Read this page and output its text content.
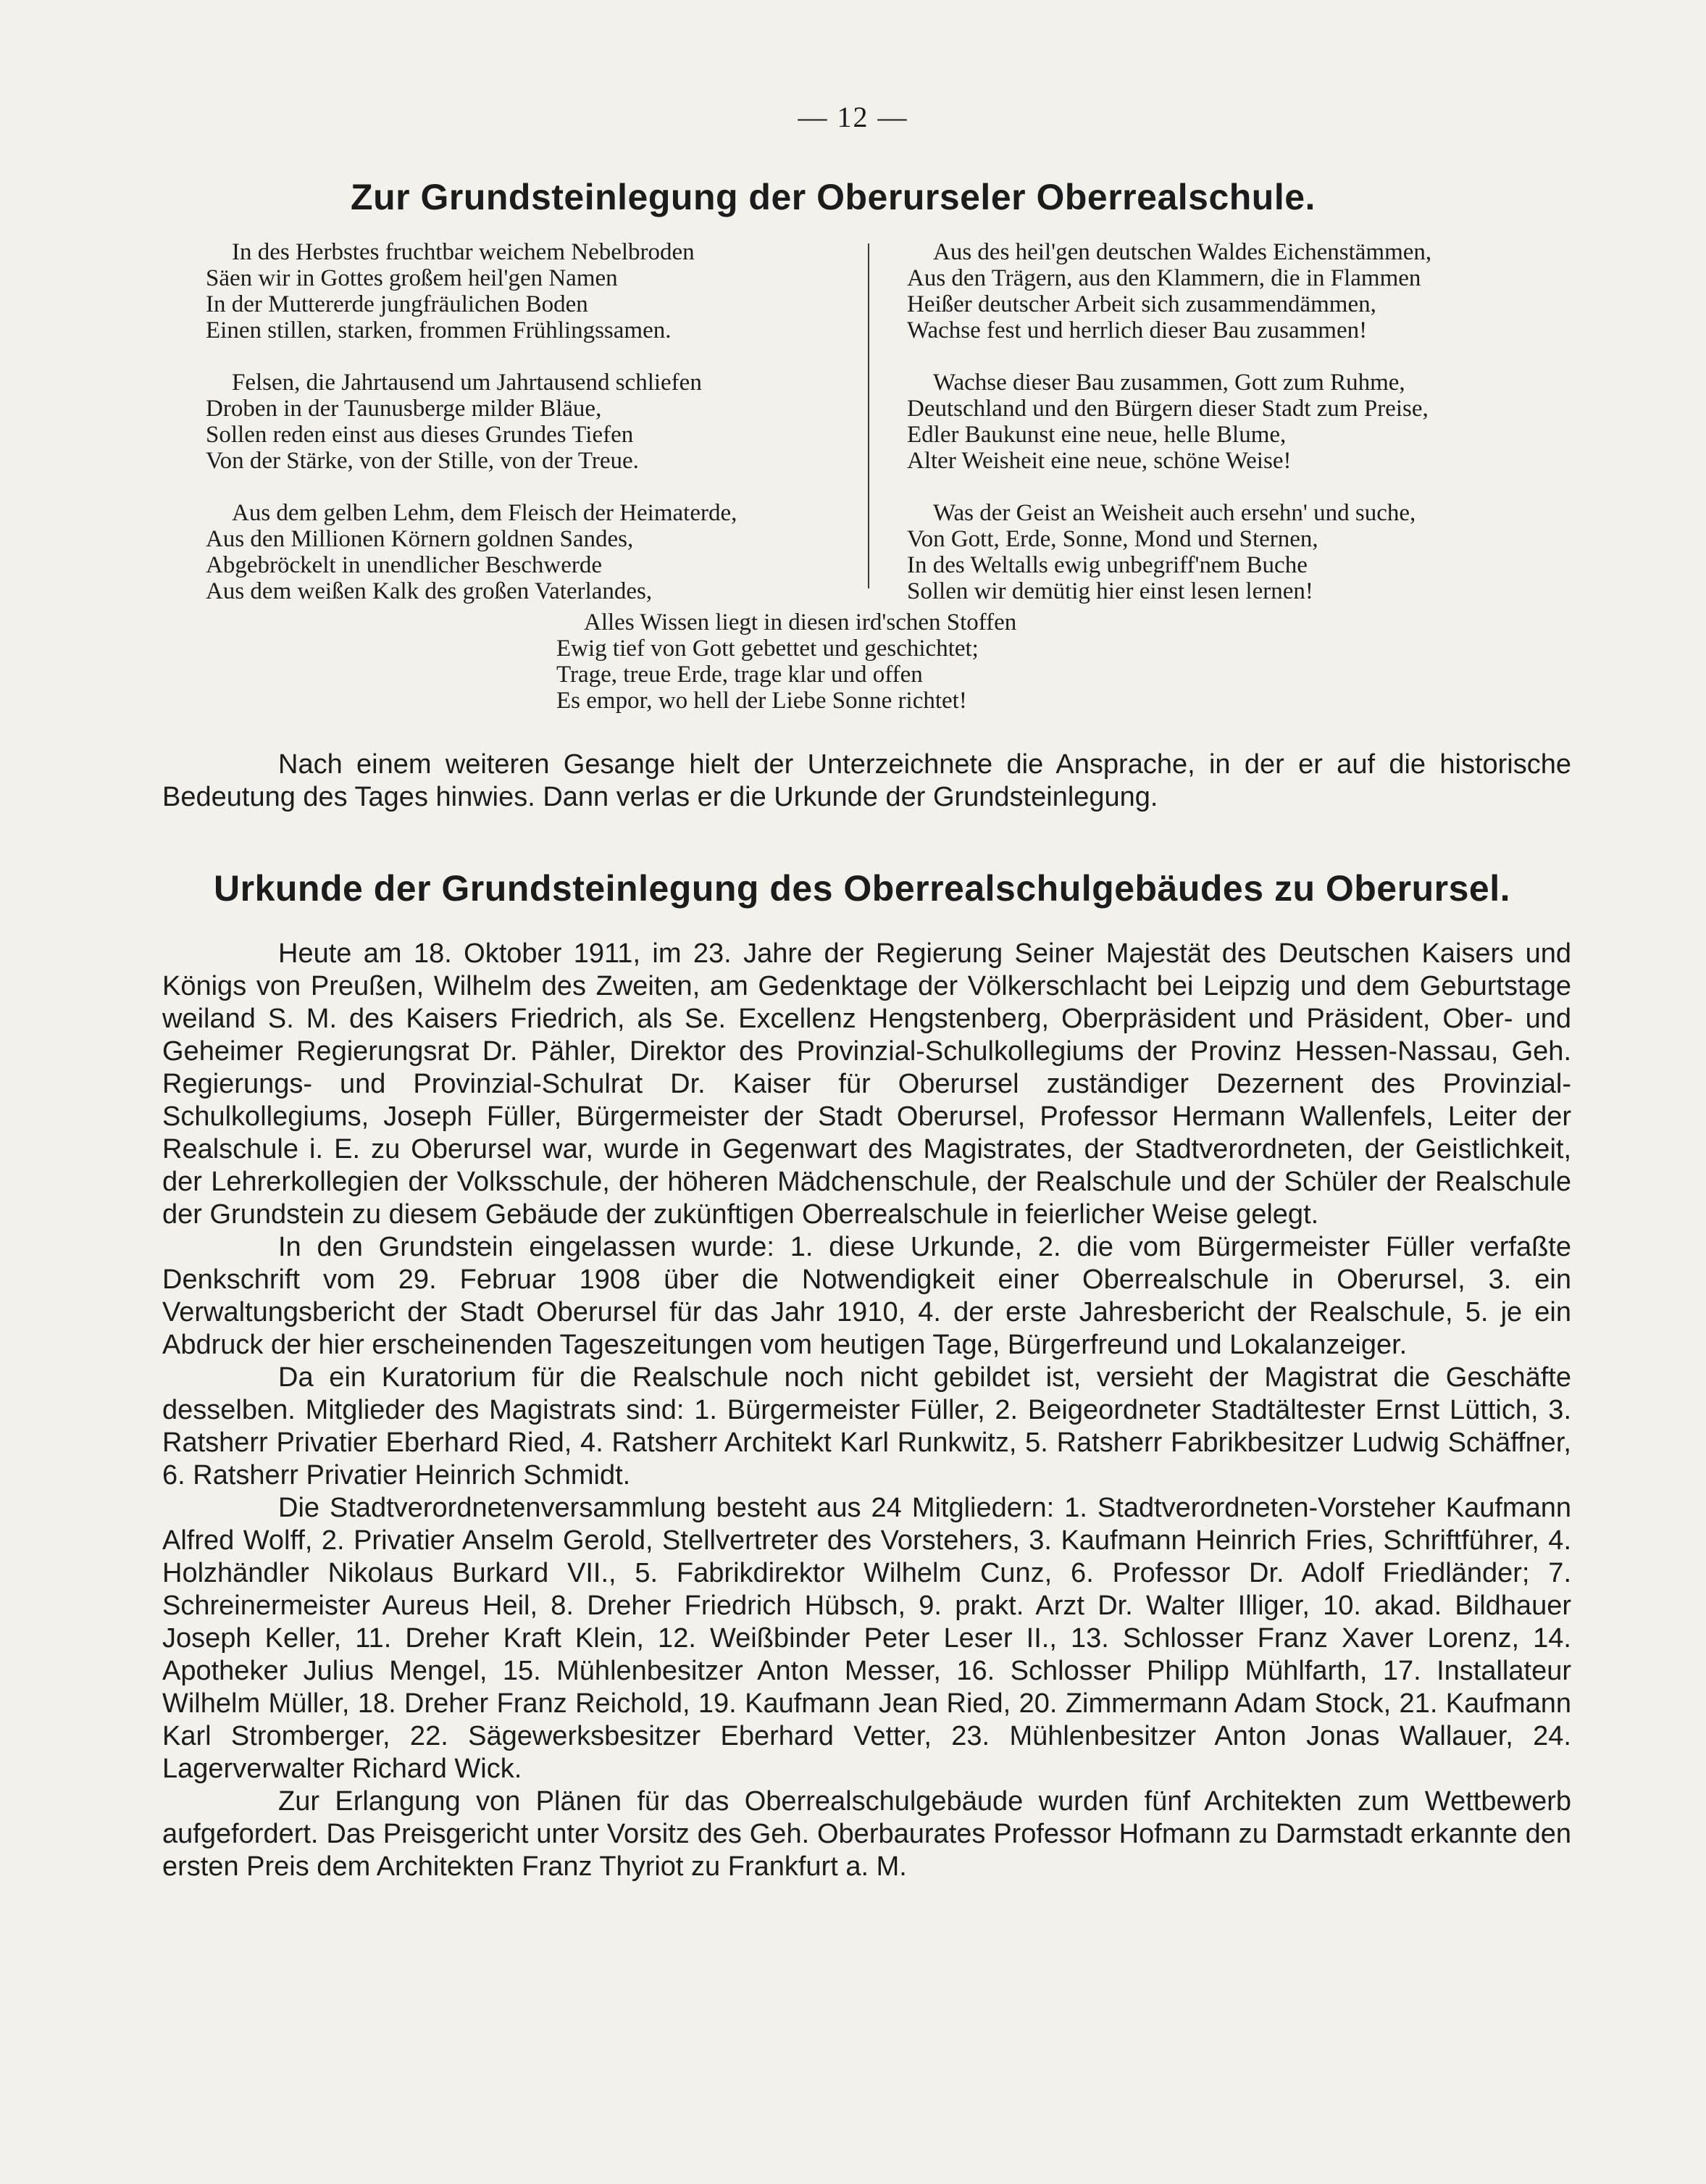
— 12 —
Zur Grundsteinlegung der Oberurseler Oberrealschule.
In des Herbstes fruchtbar weichem Nebelbroden
Säen wir in Gottes großem heil'gen Namen
In der Muttererde jungfräulichen Boden
Einen stillen, starken, frommen Frühlingssamen.
Felsen, die Jahrtausend um Jahrtausend schliefen
Droben in der Taunusberge milder Bläue,
Sollen reden einst aus dieses Grundes Tiefen
Von der Stärke, von der Stille, von der Treue.
Aus dem gelben Lehm, dem Fleisch der Heimaterde,
Aus den Millionen Körnern goldnen Sandes,
Abgebröckelt in unendlicher Beschwerde
Aus dem weißen Kalk des großen Vaterlandes,
Aus des heil'gen deutschen Waldes Eichenstämmen,
Aus den Trägern, aus den Klammern, die in Flammen
Heißer deutscher Arbeit sich zusammendämmen,
Wachse fest und herrlich dieser Bau zusammen!
Wachse dieser Bau zusammen, Gott zum Ruhme,
Deutschland und den Bürgern dieser Stadt zum Preise,
Edler Baukunst eine neue, helle Blume,
Alter Weisheit eine neue, schöne Weise!
Was der Geist an Weisheit auch ersehn' und suche,
Von Gott, Erde, Sonne, Mond und Sternen,
In des Weltalls ewig unbegriff'nem Buche
Sollen wir demütig hier einst lesen lernen!
Alles Wissen liegt in diesen ird'schen Stoffen
Ewig tief von Gott gebettet und geschichtet;
Trage, treue Erde, trage klar und offen
Es empor, wo hell der Liebe Sonne richtet!

Nach einem weiteren Gesange hielt der Unterzeichnete die Ansprache, in der er auf die historische Bedeutung des Tages hinwies. Dann verlas er die Urkunde der Grundsteinlegung.

Urkunde der Grundsteinlegung des Oberrealschulgebäudes zu Oberursel.

Heute am 18. Oktober 1911, im 23. Jahre der Regierung Seiner Majestät des Deutschen Kaisers und Königs von Preußen, Wilhelm des Zweiten, am Gedenktage der Völkerschlacht bei Leipzig und dem Geburtstage weiland S. M. des Kaisers Friedrich, als Se. Excellenz Hengstenberg, Oberpräsident und Präsident, Ober- und Geheimer Regierungsrat Dr. Pähler, Direktor des Provinzial-Schulkollegiums der Provinz Hessen-Nassau, Geh. Regierungs- und Provinzial-Schulrat Dr. Kaiser für Oberursel zuständiger Dezernent des Provinzial-Schulkollegiums, Joseph Füller, Bürgermeister der Stadt Oberursel, Professor Hermann Wallenfels, Leiter der Realschule i. E. zu Oberursel war, wurde in Gegenwart des Magistrates, der Stadtverordneten, der Geistlichkeit, der Lehrerkollegien der Volksschule, der höheren Mädchenschule, der Realschule und der Schüler der Realschule der Grundstein zu diesem Gebäude der zukünftigen Oberrealschule in feierlicher Weise gelegt.

In den Grundstein eingelassen wurde: 1. diese Urkunde, 2. die vom Bürgermeister Füller verfaßte Denkschrift vom 29. Februar 1908 über die Notwendigkeit einer Oberrealschule in Oberursel, 3. ein Verwaltungsbericht der Stadt Oberursel für das Jahr 1910, 4. der erste Jahresbericht der Realschule, 5. je ein Abdruck der hier erscheinenden Tageszeitungen vom heutigen Tage, Bürgerfreund und Lokalanzeiger.

Da ein Kuratorium für die Realschule noch nicht gebildet ist, versieht der Magistrat die Geschäfte desselben. Mitglieder des Magistrats sind: 1. Bürgermeister Füller, 2. Beigeordneter Stadtältester Ernst Lüttich, 3. Ratsherr Privatier Eberhard Ried, 4. Ratsherr Architekt Karl Runkwitz, 5. Ratsherr Fabrikbesitzer Ludwig Schäffner, 6. Ratsherr Privatier Heinrich Schmidt.

Die Stadtverordnetenversammlung besteht aus 24 Mitgliedern: 1. Stadtverordneten-Vorsteher Kaufmann Alfred Wolff, 2. Privatier Anselm Gerold, Stellvertreter des Vorstehers, 3. Kaufmann Heinrich Fries, Schriftführer, 4. Holzhändler Nikolaus Burkard VII., 5. Fabrikdirektor Wilhelm Cunz, 6. Professor Dr. Adolf Friedländer; 7. Schreinermeister Aureus Heil, 8. Dreher Friedrich Hübsch, 9. prakt. Arzt Dr. Walter Illiger, 10. akad. Bildhauer Joseph Keller, 11. Dreher Kraft Klein, 12. Weißbinder Peter Leser II., 13. Schlosser Franz Xaver Lorenz, 14. Apotheker Julius Mengel, 15. Mühlenbesitzer Anton Messer, 16. Schlosser Philipp Mühlfarth, 17. Installateur Wilhelm Müller, 18. Dreher Franz Reichold, 19. Kaufmann Jean Ried, 20. Zimmermann Adam Stock, 21. Kaufmann Karl Stromberger, 22. Sägewerksbesitzer Eberhard Vetter, 23. Mühlenbesitzer Anton Jonas Wallauer, 24. Lagerverwalter Richard Wick.

Zur Erlangung von Plänen für das Oberrealschulgebäude wurden fünf Architekten zum Wettbewerb aufgefordert. Das Preisgericht unter Vorsitz des Geh. Oberbaurates Professor Hofmann zu Darmstadt erkannte den ersten Preis dem Architekten Franz Thyriot zu Frankfurt a. M.
